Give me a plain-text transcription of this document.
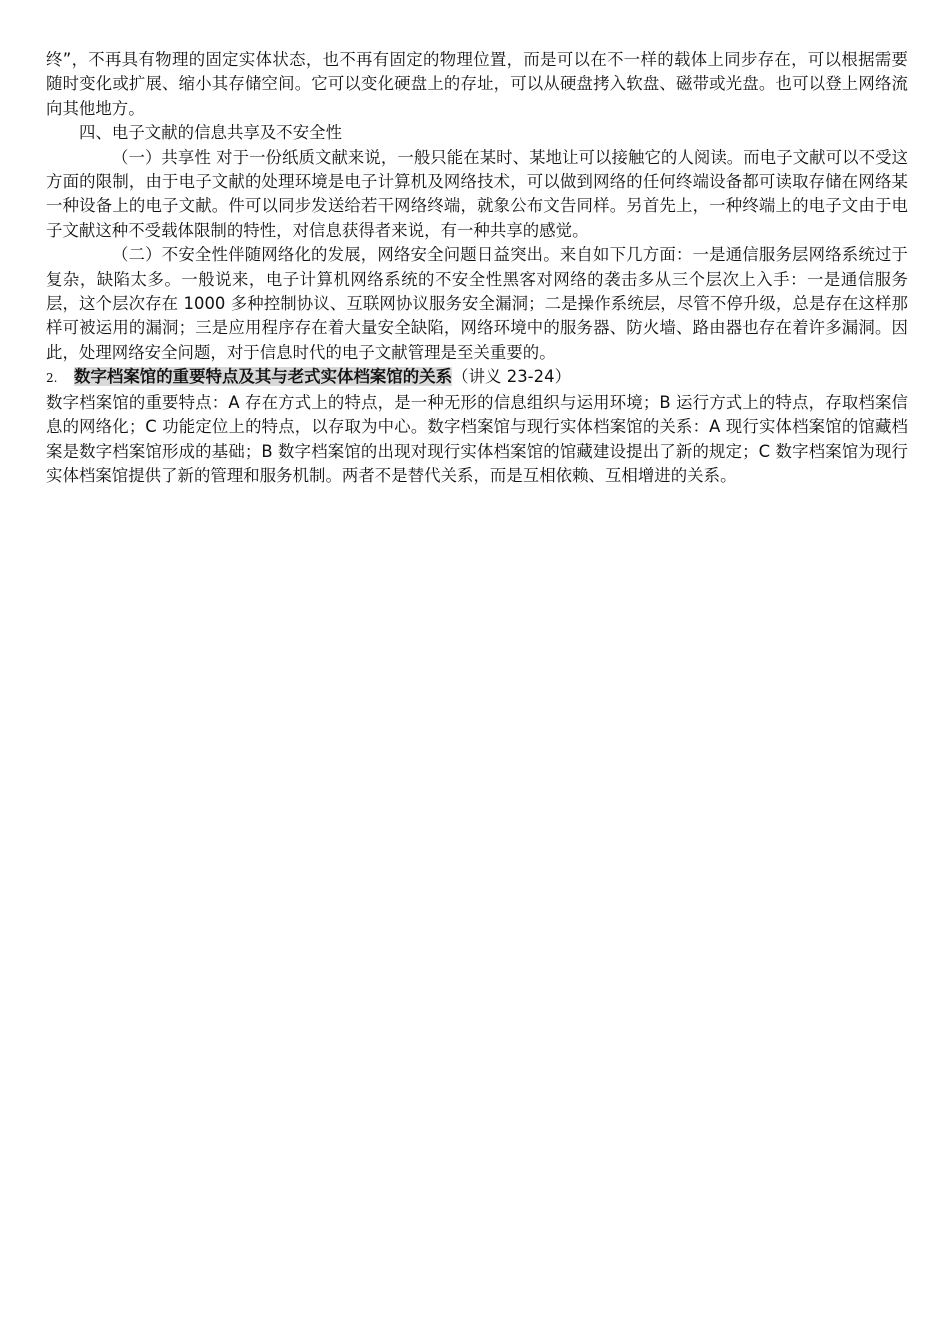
终”，不再具有物理的固定实体状态，也不再有固定的物理位置，而是可以在不一样的载体上同步存在，可以根据需要随时变化或扩展、缩小其存储空间。它可以变化硬盘上的存址，可以从硬盘拷入软盘、磁带或光盘。也可以登上网络流向其他地方。

四、电子文献的信息共享及不安全性

（一）共享性 对于一份纸质文献来说，一般只能在某时、某地让可以接触它的人阅读。而电子文献可以不受这方面的限制，由于电子文献的处理环境是电子计算机及网络技术，可以做到网络的任何终端设备都可读取存储在网络某一种设备上的电子文献。件可以同步发送给若干网络终端，就象公布文告同样。另首先上，一种终端上的电子文由于电子文献这种不受载体限制的特性，对信息获得者来说，有一种共享的感觉。

（二）不安全性伴随网络化的发展，网络安全问题日益突出。来自如下几方面：一是通信服务层网络系统过于复杂，缺陷太多。一般说来，电子计算机网络系统的不安全性黑客对网络的袭击多从三个层次上入手：一是通信服务层，这个层次存在 1000 多种控制协议、互联网协议服务安全漏洞；二是操作系统层，尽管不停升级，总是存在这样那样可被运用的漏洞；三是应用程序存在着大量安全缺陷，网络环境中的服务器、防火墙、路由器也存在着许多漏洞。因此，处理网络安全问题，对于信息时代的电子文献管理是至关重要的。

2. 数字档案馆的重要特点及其与老式实体档案馆的关系（讲义 23-24）

数字档案馆的重要特点：A 存在方式上的特点，是一种无形的信息组织与运用环境；B 运行方式上的特点，存取档案信息的网络化；C 功能定位上的特点，以存取为中心。数字档案馆与现行实体档案馆的关系：A 现行实体档案馆的馆藏档案是数字档案馆形成的基础；B 数字档案馆的出现对现行实体档案馆的馆藏建设提出了新的规定；C 数字档案馆为现行实体档案馆提供了新的管理和服务机制。两者不是替代关系，而是互相依赖、互相增进的关系。
